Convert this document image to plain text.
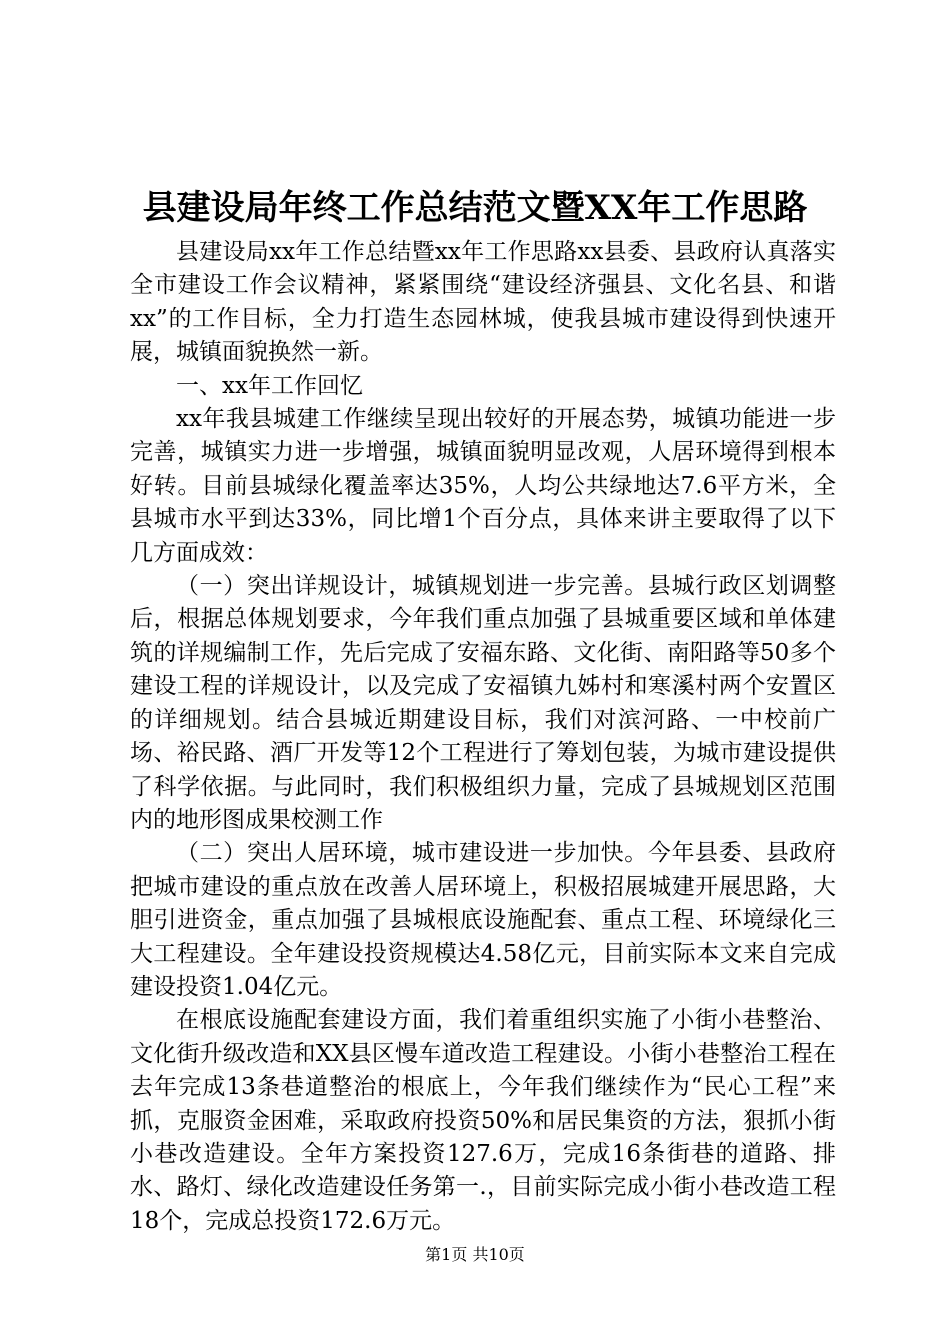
县建设局年终工作总结范文暨XX年工作思路

县建设局xx年工作总结暨xx年工作思路xx县委、县政府认真落实全市建设工作会议精神，紧紧围绕“建设经济强县、文化名县、和谐xx”的工作目标，全力打造生态园林城，使我县城市建设得到快速开展，城镇面貌换然一新。

一、xx年工作回忆

xx年我县城建工作继续呈现出较好的开展态势，城镇功能进一步完善，城镇实力进一步增强，城镇面貌明显改观，人居环境得到根本好转。目前县城绿化覆盖率达35%，人均公共绿地达7.6平方米，全县城市水平到达33%，同比增1个百分点，具体来讲主要取得了以下几方面成效：

（一）突出详规设计，城镇规划进一步完善。县城行政区划调整后，根据总体规划要求，今年我们重点加强了县城重要区域和单体建筑的详规编制工作，先后完成了安福东路、文化街、南阳路等50多个建设工程的详规设计，以及完成了安福镇九姊村和寒溪村两个安置区的详细规划。结合县城近期建设目标，我们对滨河路、一中校前广场、裕民路、酒厂开发等12个工程进行了筹划包装，为城市建设提供了科学依据。与此同时，我们积极组织力量，完成了县城规划区范围内的地形图成果校测工作

（二）突出人居环境，城市建设进一步加快。今年县委、县政府把城市建设的重点放在改善人居环境上，积极招展城建开展思路，大胆引进资金，重点加强了县城根底设施配套、重点工程、环境绿化三大工程建设。全年建设投资规模达4.58亿元，目前实际本文来自完成建设投资1.04亿元。

在根底设施配套建设方面，我们着重组织实施了小街小巷整治、文化街升级改造和XX县区慢车道改造工程建设。小街小巷整治工程在去年完成13条巷道整治的根底上，今年我们继续作为“民心工程”来抓，克服资金困难，采取政府投资50%和居民集资的方法，狠抓小街小巷改造建设。全年方案投资127.6万，完成16条街巷的道路、排水、路灯、绿化改造建设任务第一.，目前实际完成小街小巷改造工程18个，完成总投资172.6万元。

第1页 共10页
